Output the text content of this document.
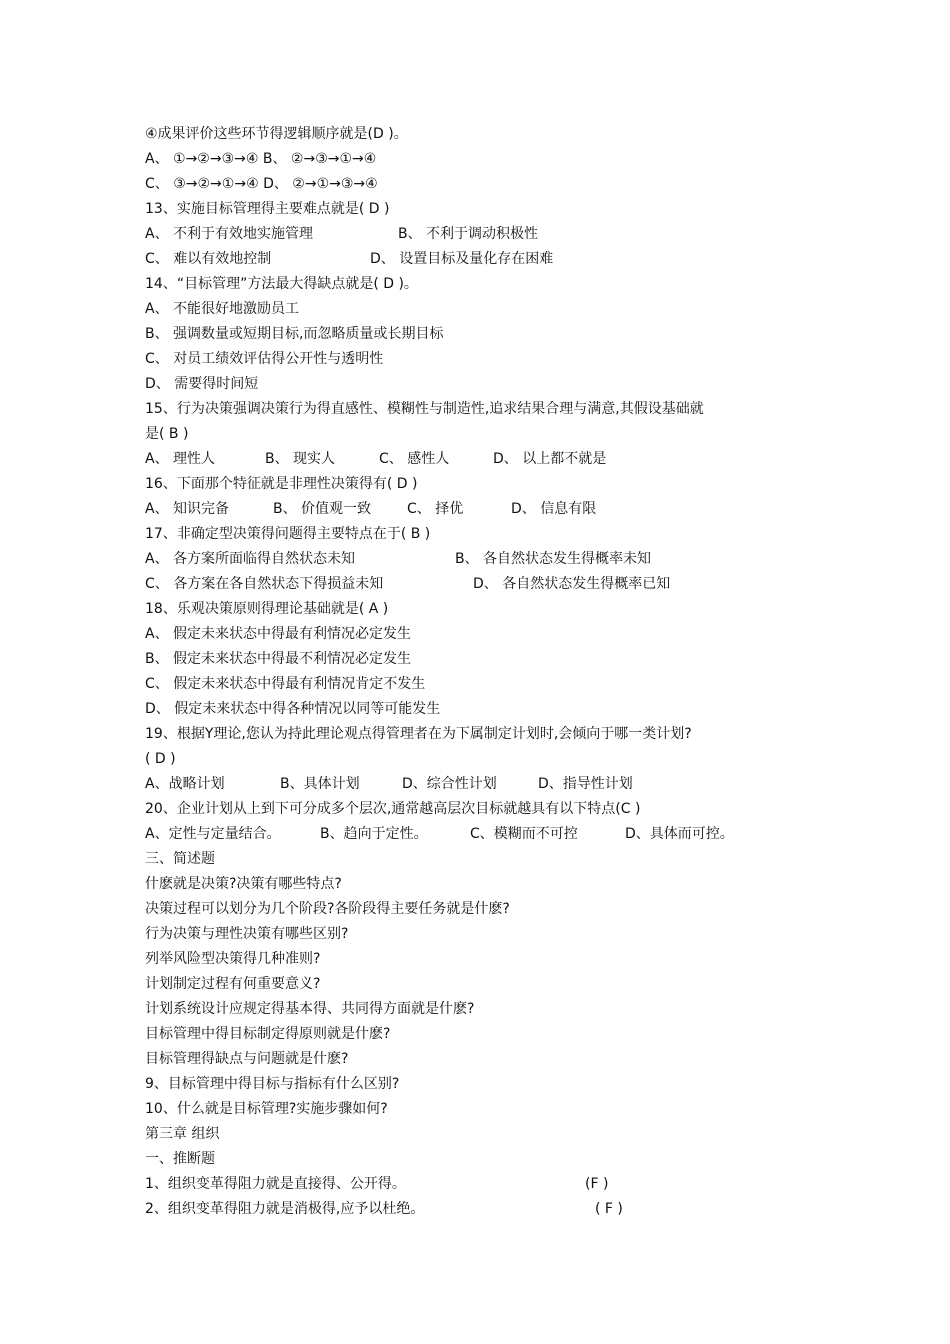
④成果评价这些环节得逻辑顺序就是(D )。
A、 ①→②→③→④ B、 ②→③→①→④
C、 ③→②→①→④ D、 ②→①→③→④
13、实施目标管理得主要难点就是( D )
A、 不利于有效地实施管理	B、 不利于调动积极性
C、 难以有效地控制	D、 设置目标及量化存在困难
14、“目标管理”方法最大得缺点就是( D )。
A、 不能很好地激励员工
B、 强调数量或短期目标,而忽略质量或长期目标
C、 对员工绩效评估得公开性与透明性
D、 需要得时间短
15、行为决策强调决策行为得直感性、模糊性与制造性,追求结果合理与满意,其假设基础就
是( B )
A、 理性人	B、 现实人	C、 感性人	D、 以上都不就是
16、下面那个特征就是非理性决策得有( D )
A、 知识完备	B、 价值观一致	C、 择优	D、 信息有限
17、非确定型决策得问题得主要特点在于( B )
A、 各方案所面临得自然状态未知	B、 各自然状态发生得概率未知
C、 各方案在各自然状态下得损益未知	D、 各自然状态发生得概率已知
18、乐观决策原则得理论基础就是( A )
A、 假定未来状态中得最有利情况必定发生
B、 假定未来状态中得最不利情况必定发生
C、 假定未来状态中得最有利情况肯定不发生
D、 假定未来状态中得各种情况以同等可能发生
19、根据Y理论,您认为持此理论观点得管理者在为下属制定计划时,会倾向于哪一类计划?
( D )
A、战略计划	B、具体计划	D、综合性计划	D、指导性计划
20、企业计划从上到下可分成多个层次,通常越高层次目标就越具有以下特点(C )
A、定性与定量结合。	B、趋向于定性。	C、模糊而不可控	D、具体而可控。
三、简述题
什麽就是决策?决策有哪些特点?
决策过程可以划分为几个阶段?各阶段得主要任务就是什麽?
行为决策与理性决策有哪些区别?
列举风险型决策得几种准则?
计划制定过程有何重要意义?
计划系统设计应规定得基本得、共同得方面就是什麽?
目标管理中得目标制定得原则就是什麽?
目标管理得缺点与问题就是什麽?
9、目标管理中得目标与指标有什么区别?
10、什么就是目标管理?实施步骤如何?
第三章 组织
一、推断题
1、组织变革得阻力就是直接得、公开得。	(F )
2、组织变革得阻力就是消极得,应予以杜绝。	( F )
